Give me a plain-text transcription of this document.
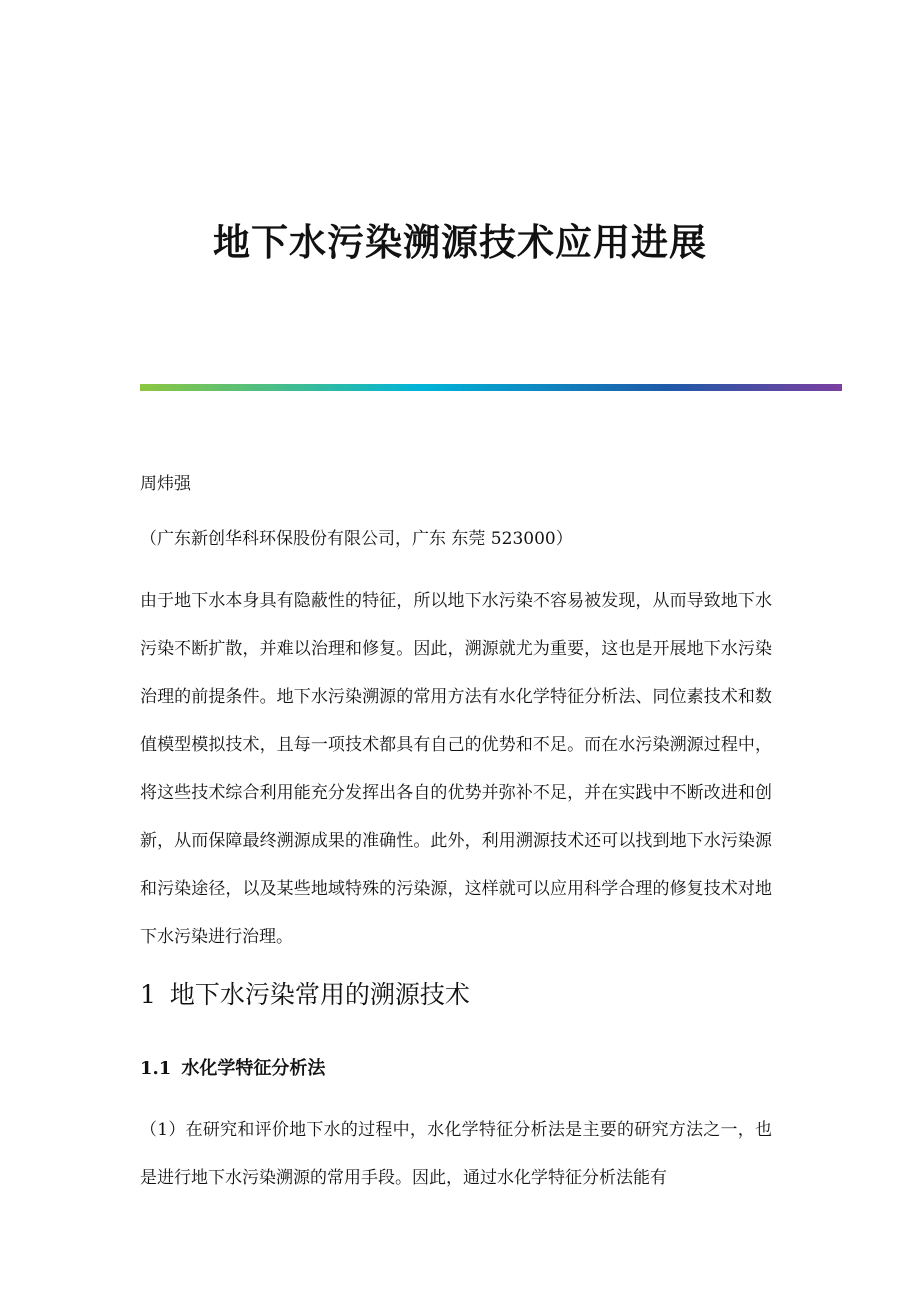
地下水污染溯源技术应用进展

周炜强

（广东新创华科环保股份有限公司，广东 东莞 523000）

由于地下水本身具有隐蔽性的特征，所以地下水污染不容易被发现，从而导致地下水污染不断扩散，并难以治理和修复。因此，溯源就尤为重要，这也是开展地下水污染治理的前提条件。地下水污染溯源的常用方法有水化学特征分析法、同位素技术和数值模型模拟技术，且每一项技术都具有自己的优势和不足。而在水污染溯源过程中，将这些技术综合利用能充分发挥出各自的优势并弥补不足，并在实践中不断改进和创新，从而保障最终溯源成果的准确性。此外，利用溯源技术还可以找到地下水污染源和污染途径，以及某些地域特殊的污染源，这样就可以应用科学合理的修复技术对地下水污染进行治理。

1 地下水污染常用的溯源技术
1.1 水化学特征分析法

（1）在研究和评价地下水的过程中，水化学特征分析法是主要的研究方法之一，也是进行地下水污染溯源的常用手段。因此，通过水化学特征分析法能有
